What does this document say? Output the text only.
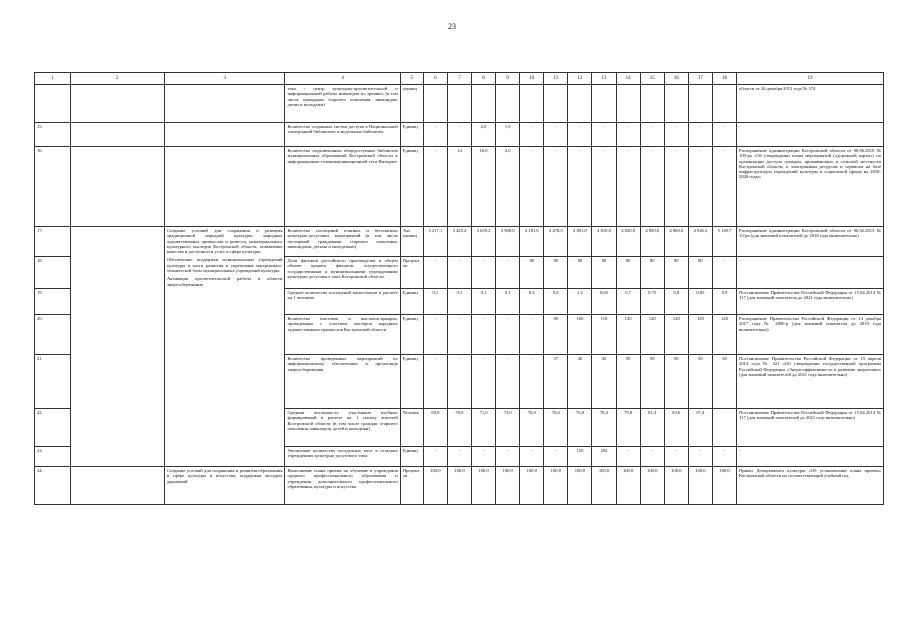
23
1	2	3	4	5	6	7	8	9	10	11	12	13	14	15	16	17	18	19
			тека - центр культурно-просветительной и информационной работы инвалидов по зрению» (в том числе гражданам старшего поколения, инвалидам, детям и молодежи)	единиц														области от 26 декабря 2012 года № 374
15.			Количество созданных систем доступа к Национальной электронной библиотеке и модельных библиотек	Единиц	-	-	2,0	1,0	-	-	-	-	-	-	-	-	-	-
16.			Количество подключенных общедоступных библиотек муниципальных образований Костромской области к информационно-телекоммуникационной сети Интернет	Единиц	-	14	16,0	2,0	-	-	-	-	-	-	-	-	-	Распоряжение администрации Костромской области от 08.06.2018 № 109-ра «Об утверждении плана мероприятий («дорожной карты») по организации доступа граждан, проживающих в сельской местности Костромской области, к электронным ресурсам и сервисам на базе инфраструктуры учреждений культуры и социальной сферы на 2018-2020 годы»
17.		Создание условий для сохранения и развития традиционной народной культуры, народных художественных промыслов и ремесел, нематериального культурного наследия Костромской области, повышение качества и доступности услуг в сфере культуры.
Обеспечение поддержки муниципальных учреждений культуры в части развития и укрепления материально-технической базы муниципальных учреждений культуры.
Активация просветительской работы в области энергосбережения	Количество посещений платных и бесплатных культурно-досуговых мероприятий (в том числе посещений гражданами старшего поколения, инвалидами, детьми и молодежью)	Тыс. единиц	3 217,1	3 429,4	3 659,2	3 908,0	4 181,6	4 478,5	4 801,0	4 810,0	4 820,0	4 850,0	4 860,0	4 926,3	5 149,7	Распоряжение администрации Костромской области от 06.02.2013 № 15-ра (для значений показателей до 2018 года включительно)
18.			Доля фильмов российского производства в общем объеме проката фильмов, осуществленного государственным и муниципальными учреждениями культурно-досугового типа Костромской области	Процентов	-	-	-	-	80	80	80	80	80	80	80	80	-	-
19.			Среднее количество посещений киносеансов в расчете на 1 человека	Единиц	0,1	0,1	0,1	0,1	0,4	0,6	1,2	0,65	0,7	0,75	0,8	0,85	0,9	Постановление Правительства Российской Федерации от 15.04.2014 № 317 (для значений показателя до 2021 года включительно)
20.			Количество выставок и выставок-ярмарок, проведенных с участием мастеров народных художественных промыслов Костромской области	Единиц	-	-	-	-	-	80	100	110	120	120	120	120	120	Распоряжение Правительства Российской Федерации от 14 декабря 2017 года № 2800-р (для значений показателя до 2019 года включительно)
21.			Количество проведенных мероприятий по информационному обеспечению и пропаганде энергосбережения	Единиц	-	-	-	-	-	37	40	45	50	50	50	50	50	Постановление Правительства Российской Федерации от 15 апреля 2014 года № 321 «Об утверждении государственной программы Российской Федерации «Энергоэффективность и развитие энергетики» (для значений показателей до 2021 года включительно)
22.			Средняя численность участников клубных формирований в расчете на 1 тысячу жителей Костромской области (в том числе граждан старшего поколения, инвалидов, детей и молодежи)	Человек	69,0	70,0	71,0	73,0	76,0	76,0	76,8	78,3	79,8	81,3	83,6	87,4		Постановление Правительства Российской Федерации от 15.04.2014 № 317 (для значений показателей до 2021 года включительно)
23.			Увеличение количества посадочных мест в сельских учреждениях культурно-досугового типа	Единиц	-	-	-	-	-	-	150	294	-	-	-	-	-	-
24.		Создание условий для сохранения и развития образования в сфере культуры и искусства, поддержки молодых дарований	Выполнение плана приема на обучение в учреждения среднего профессионального образования и учреждения дополнительного профессионального образования, культуры и искусства	Процентов	100,0	100,0	100,0	100,0	100,0	100,0	100,0	100,0	100,0	100,0	100,0	100,0	100,0	Приказ Департамента культуры «Об установлении плана приема» Костромской области на соответствующий учебный год
